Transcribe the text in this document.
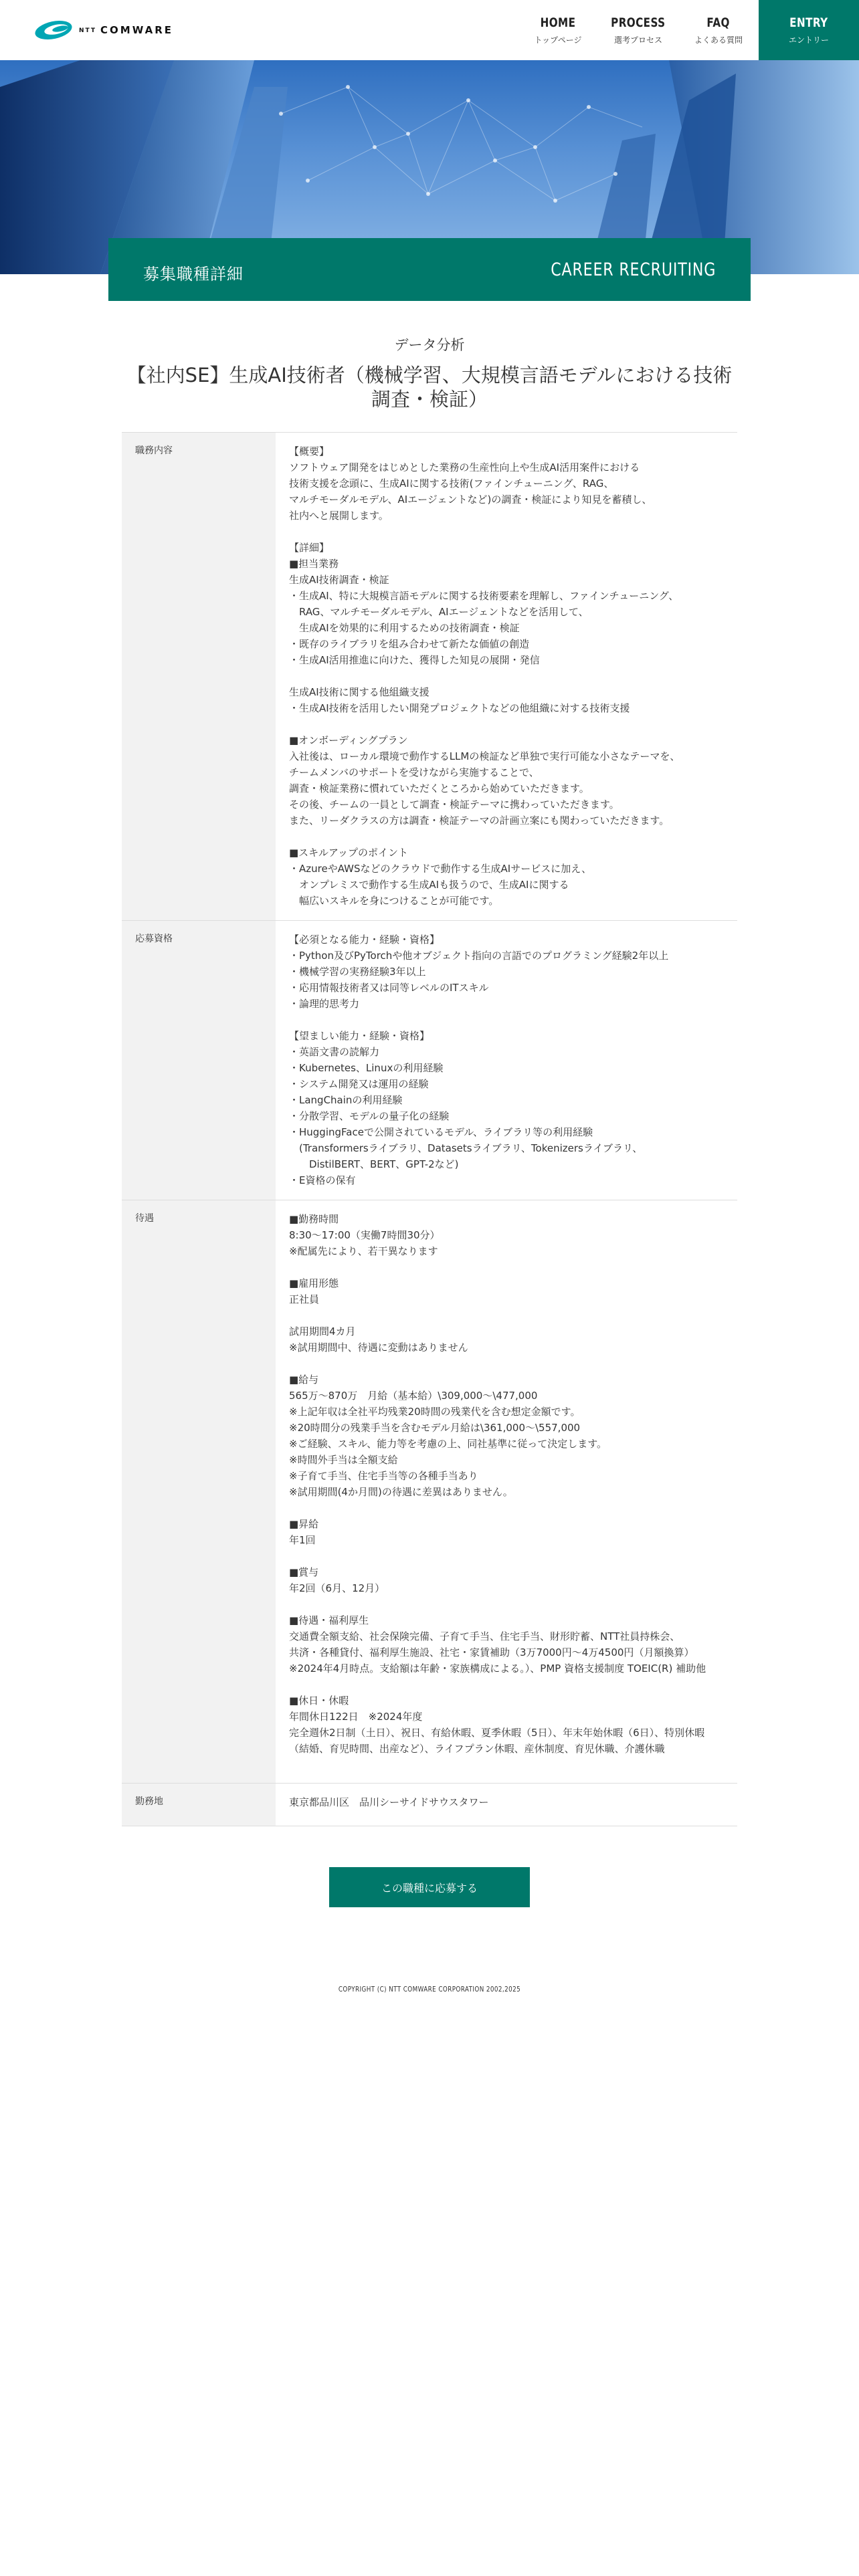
NTT COMWARE
HOME
トップページ
PROCESS
選考プロセス
FAQ
よくある質問
ENTRY
エントリー
募集職種詳細	CAREER RECRUITING
データ分析
【社内SE】生成AI技術者（機械学習、大規模言語モデルにおける技術調査・検証）
職務内容	【概要】
ソフトウェア開発をはじめとした業務の生産性向上や生成AI活用案件における
技術支援を念頭に、生成AIに関する技術(ファインチューニング、RAG、
マルチモーダルモデル、AIエージェントなど)の調査・検証により知見を蓄積し、
社内へと展開します。

【詳細】
■担当業務
生成AI技術調査・検証
・生成AI、特に大規模言語モデルに関する技術要素を理解し、ファインチューニング、
　RAG、マルチモーダルモデル、AIエージェントなどを活用して、
　生成AIを効果的に利用するための技術調査・検証
・既存のライブラリを組み合わせて新たな価値の創造
・生成AI活用推進に向けた、獲得した知見の展開・発信

生成AI技術に関する他組織支援
・生成AI技術を活用したい開発プロジェクトなどの他組織に対する技術支援

■オンボーディングプラン
入社後は、ローカル環境で動作するLLMの検証など単独で実行可能な小さなテーマを、
チームメンバのサポートを受けながら実施することで、
調査・検証業務に慣れていただくところから始めていただきます。
その後、チームの一員として調査・検証テーマに携わっていただきます。
また、リーダクラスの方は調査・検証テーマの計画立案にも関わっていただきます。

■スキルアップのポイント
・AzureやAWSなどのクラウドで動作する生成AIサービスに加え、
　オンプレミスで動作する生成AIも扱うので、生成AIに関する
　幅広いスキルを身につけることが可能です。
応募資格	【必須となる能力・経験・資格】
・Python及びPyTorchや他オブジェクト指向の言語でのプログラミング経験2年以上
・機械学習の実務経験3年以上
・応用情報技術者又は同等レベルのITスキル
・論理的思考力

【望ましい能力・経験・資格】
・英語文書の読解力
・Kubernetes、Linuxの利用経験
・システム開発又は運用の経験
・LangChainの利用経験
・分散学習、モデルの量子化の経験
・HuggingFaceで公開されているモデル、ライブラリ等の利用経験
　(Transformersライブラリ、Datasetsライブラリ、Tokenizersライブラリ、
　　DistilBERT、BERT、GPT-2など)
・E資格の保有
待遇	■勤務時間
8:30～17:00（実働7時間30分）
※配属先により、若干異なります

■雇用形態
正社員

試用期間4カ月
※試用期間中、待遇に変動はありません

■給与
565万～870万　月給（基本給）\309,000～\477,000
※上記年収は全社平均残業20時間の残業代を含む想定金額です。
※20時間分の残業手当を含むモデル月給は\361,000～\557,000
※ご経験、スキル、能力等を考慮の上、同社基準に従って決定します。
※時間外手当は全額支給
※子育て手当、住宅手当等の各種手当あり
※試用期間(4か月間)の待遇に差異はありません。

■昇給
年1回

■賞与
年2回（6月、12月）

■待遇・福利厚生
交通費全額支給、社会保険完備、子育て手当、住宅手当、財形貯蓄、NTT社員持株会、
共済・各種貸付、福利厚生施設、社宅・家賃補助（3万7000円～4万4500円（月額換算）
※2024年4月時点。支給額は年齢・家族構成による。）、PMP 資格支援制度 TOEIC(R) 補助他

■休日・休暇
年間休日122日　※2024年度
完全週休2日制（土日）、祝日、有給休暇、夏季休暇（5日）、年末年始休暇（6日）、特別休暇（結婚、育児時間、出産など）、ライフプラン休暇、産休制度、育児休職、介護休職
勤務地	東京都品川区　品川シーサイドサウスタワー
この職種に応募する
COPYRIGHT (C) NTT COMWARE CORPORATION 2002,2025
